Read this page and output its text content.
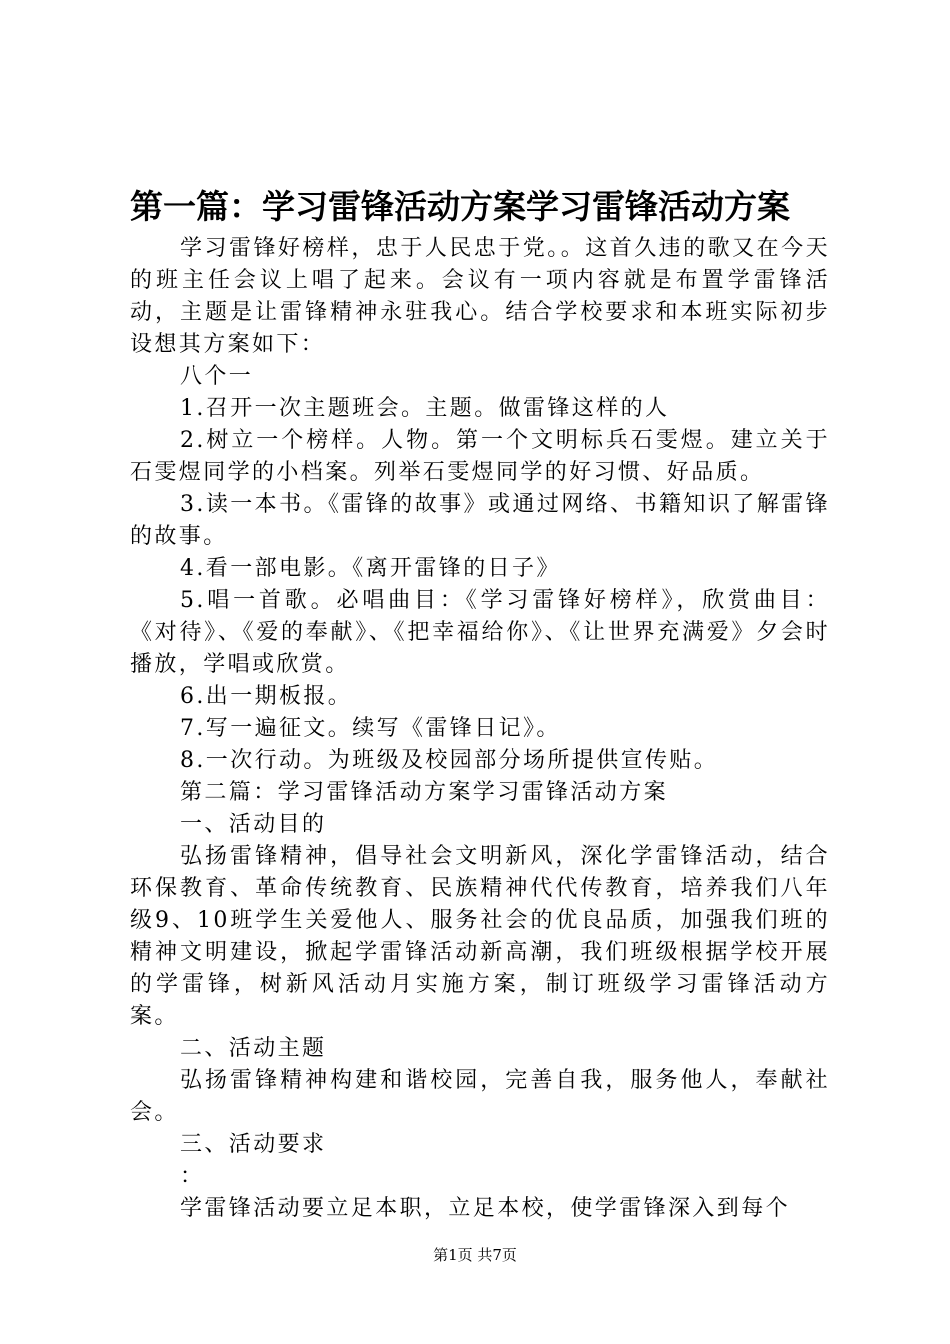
第一篇：学习雷锋活动方案学习雷锋活动方案

学习雷锋好榜样，忠于人民忠于党。。这首久违的歌又在今天的班主任会议上唱了起来。会议有一项内容就是布置学雷锋活动，主题是让雷锋精神永驻我心。结合学校要求和本班实际初步设想其方案如下：

八个一

1.召开一次主题班会。主题。做雷锋这样的人

2.树立一个榜样。人物。第一个文明标兵石雯煜。建立关于石雯煜同学的小档案。列举石雯煜同学的好习惯、好品质。

3.读一本书。《雷锋的故事》或通过网络、书籍知识了解雷锋的故事。

4.看一部电影。《离开雷锋的日子》

5.唱一首歌。必唱曲目：《学习雷锋好榜样》，欣赏曲目：《对待》、《爱的奉献》、《把幸福给你》、《让世界充满爱》夕会时播放，学唱或欣赏。

6.出一期板报。

7.写一遍征文。续写《雷锋日记》。

8.一次行动。为班级及校园部分场所提供宣传贴。

第二篇：学习雷锋活动方案学习雷锋活动方案

一、活动目的

弘扬雷锋精神，倡导社会文明新风，深化学雷锋活动，结合环保教育、革命传统教育、民族精神代代传教育，培养我们八年级9、10班学生关爱他人、服务社会的优良品质，加强我们班的精神文明建设，掀起学雷锋活动新高潮，我们班级根据学校开展的学雷锋，树新风活动月实施方案，制订班级学习雷锋活动方案。

二、活动主题

弘扬雷锋精神构建和谐校园，完善自我，服务他人，奉献社会。

三、活动要求

：

学雷锋活动要立足本职，立足本校，使学雷锋深入到每个

第1页 共7页
